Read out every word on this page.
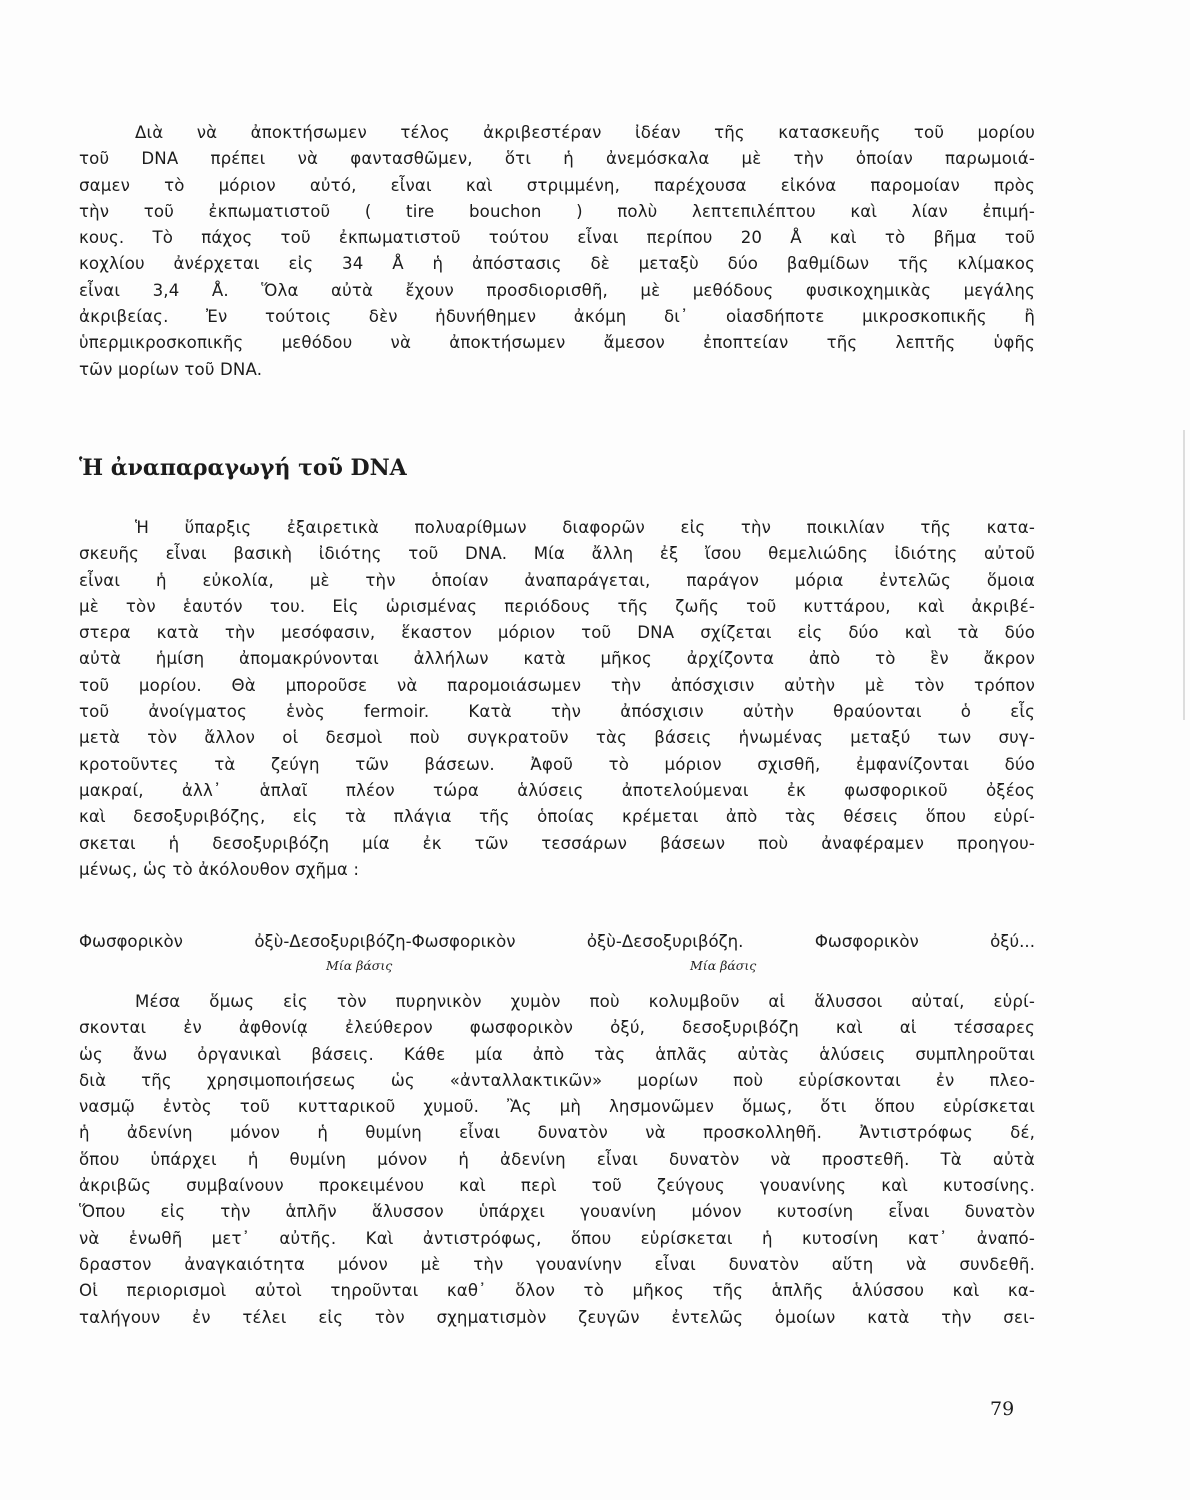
Διὰ νὰ ἀποκτήσωμεν τέλος ἀκριβεστέραν ἰδέαν τῆς κατασκευῆς τοῦ μορίου
τοῦ DNA πρέπει νὰ φαντασθῶμεν, ὅτι ἡ ἀνεμόσκαλα μὲ τὴν ὁποίαν παρωμοιά-
σαμεν τὸ μόριον αὐτό, εἶναι καὶ στριμμένη, παρέχουσα εἰκόνα παρομοίαν πρὸς
τὴν τοῦ ἐκπωματιστοῦ ( tire bouchon ) πολὺ λεπτεπιλέπτου καὶ λίαν ἐπιμή-
κους. Τὸ πάχος τοῦ ἐκπωματιστοῦ τούτου εἶναι περίπου 20 Å καὶ τὸ βῆμα τοῦ
κοχλίου ἀνέρχεται εἰς 34 Å ἡ ἀπόστασις δὲ μεταξὺ δύο βαθμίδων τῆς κλίμακος
εἶναι 3,4 Å. Ὅλα αὐτὰ ἔχουν προσδιορισθῆ, μὲ μεθόδους φυσικοχημικὰς μεγάλης
ἀκριβείας. Ἐν τούτοις δὲν ἠδυνήθημεν ἀκόμη δι᾽ οἱασδήποτε μικροσκοπικῆς ἢ
ὑπερμικροσκοπικῆς μεθόδου νὰ ἀποκτήσωμεν ἄμεσον ἐποπτείαν τῆς λεπτῆς ὑφῆς
τῶν μορίων τοῦ DNA.
Ἡ ἀναπαραγωγή τοῦ DNA
Ἡ ὕπαρξις ἐξαιρετικὰ πολυαρίθμων διαφορῶν εἰς τὴν ποικιλίαν τῆς κατα-
σκευῆς εἶναι βασικὴ ἰδιότης τοῦ DNA. Μία ἄλλη ἐξ ἴσου θεμελιώδης ἰδιότης αὐτοῦ
εἶναι ἡ εὐκολία, μὲ τὴν ὁποίαν ἀναπαράγεται, παράγον μόρια ἐντελῶς ὅμοια
μὲ τὸν ἑαυτόν του. Εἰς ὡρισμένας περιόδους τῆς ζωῆς τοῦ κυττάρου, καὶ ἀκριβέ-
στερα κατὰ τὴν μεσόφασιν, ἕκαστον μόριον τοῦ DNA σχίζεται εἰς δύο καὶ τὰ δύο
αὐτὰ ἡμίση ἀπομακρύνονται ἀλλήλων κατὰ μῆκος ἀρχίζοντα ἀπὸ τὸ ἓν ἄκρον
τοῦ μορίου. Θὰ μποροῦσε νὰ παρομοιάσωμεν τὴν ἀπόσχισιν αὐτὴν μὲ τὸν τρόπον
τοῦ ἀνοίγματος ἑνὸς fermoir. Κατὰ τὴν ἀπόσχισιν αὐτὴν θραύονται ὁ εἷς
μετὰ τὸν ἄλλον οἱ δεσμοὶ ποὺ συγκρατοῦν τὰς βάσεις ἡνωμένας μεταξύ των συγ-
κροτοῦντες τὰ ζεύγη τῶν βάσεων. Ἀφοῦ τὸ μόριον σχισθῆ, ἐμφανίζονται δύο
μακραί, ἀλλ᾽ ἁπλαῖ πλέον τώρα ἁλύσεις ἀποτελούμεναι ἐκ φωσφορικοῦ ὀξέος
καὶ δεσοξυριβόζης, εἰς τὰ πλάγια τῆς ὁποίας κρέμεται ἀπὸ τὰς θέσεις ὅπου εὑρί-
σκεται ἡ δεσοξυριβόζη μία ἐκ τῶν τεσσάρων βάσεων ποὺ ἀναφέραμεν προηγου-
μένως, ὡς τὸ ἀκόλουθον σχῆμα :
Φωσφορικὸν ὀξὺ-Δεσοξυριβόζη-Φωσφορικὸν ὀξὺ-Δεσοξυριβόζη. Φωσφορικὸν ὀξύ...
Μία βάσις	Μία βάσις
Μέσα ὅμως εἰς τὸν πυρηνικὸν χυμὸν ποὺ κολυμβοῦν αἱ ἅλυσσοι αὐταί, εὑρί-
σκονται ἐν ἀφθονίᾳ ἐλεύθερον φωσφορικὸν ὀξύ, δεσοξυριβόζη καὶ αἱ τέσσαρες
ὡς ἄνω ὀργανικαὶ βάσεις. Κάθε μία ἀπὸ τὰς ἁπλᾶς αὐτὰς ἁλύσεις συμπληροῦται
διὰ τῆς χρησιμοποιήσεως ὡς «ἀνταλλακτικῶν» μορίων ποὺ εὑρίσκονται ἐν πλεο-
νασμῷ ἐντὸς τοῦ κυτταρικοῦ χυμοῦ. Ἂς μὴ λησμονῶμεν ὅμως, ὅτι ὅπου εὑρίσκεται
ἡ ἀδενίνη μόνον ἡ θυμίνη εἶναι δυνατὸν νὰ προσκολληθῆ. Ἀντιστρόφως δέ,
ὅπου ὑπάρχει ἡ θυμίνη μόνον ἡ ἀδενίνη εἶναι δυνατὸν νὰ προστεθῆ. Τὰ αὐτὰ
ἀκριβῶς συμβαίνουν προκειμένου καὶ περὶ τοῦ ζεύγους γουανίνης καὶ κυτοσίνης.
Ὅπου εἰς τὴν ἁπλῆν ἅλυσσον ὑπάρχει γουανίνη μόνον κυτοσίνη εἶναι δυνατὸν
νὰ ἑνωθῆ μετ᾽ αὐτῆς. Καὶ ἀντιστρόφως, ὅπου εὑρίσκεται ἡ κυτοσίνη κατ᾽ ἀναπό-
δραστον ἀναγκαιότητα μόνον μὲ τὴν γουανίνην εἶναι δυνατὸν αὕτη νὰ συνδεθῆ.
Οἱ περιορισμοὶ αὐτοὶ τηροῦνται καθ᾽ ὅλον τὸ μῆκος τῆς ἁπλῆς ἁλύσσου καὶ κα-
ταλήγουν ἐν τέλει εἰς τὸν σχηματισμὸν ζευγῶν ἐντελῶς ὁμοίων κατὰ τὴν σει-
79
